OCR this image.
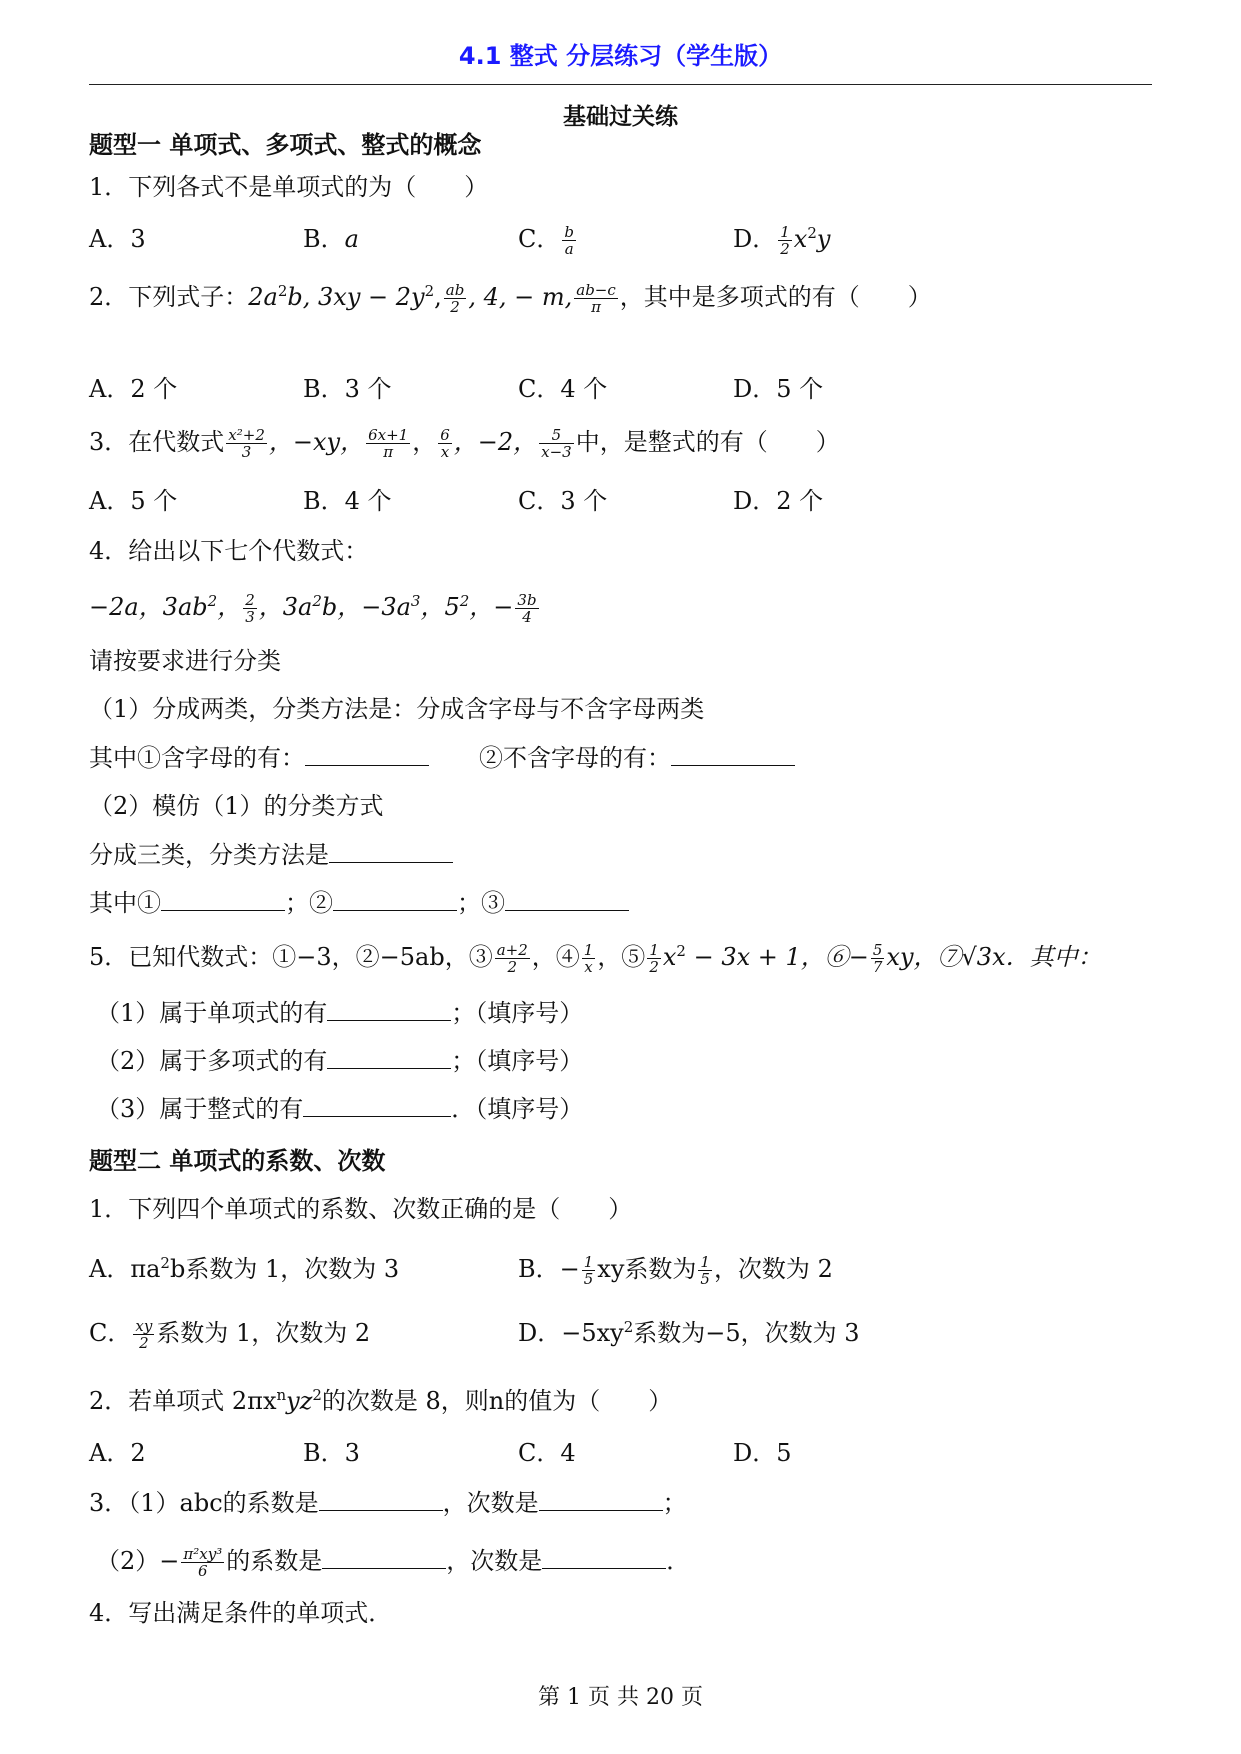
4.1 整式 分层练习（学生版）
基础过关练
题型一 单项式、多项式、整式的概念
1．下列各式不是单项式的为（　　）
A．3	B．a	C． $\frac{b}{a}$	D． $\frac{1}{2} x^2y$
2．下列式子：$2a^2b$, $3xy - 2y^2$, $\frac{ab}{2}$ , 4, − m, $\frac{ab-c}{\pi}$ ，其中是多项式的有（　　）
A．2 个	B．3 个	C．4 个	D．5 个
3．在代数式 $\frac{\text{x²+2}}{3}$ ，−xy， $\frac{6x+1}{\pi}$ ， $\frac{6}{x}$ ，−2， $\frac{5}{x-3}$ 中，是整式的有（　　）
A．5 个	B．4 个	C．3 个	D．2 个
4．给出以下七个代数式：
−2a，$3ab^2$， $\frac{2}{3}$ ，$3a^2b$，$-3a^3$，$5^2$，− $\frac{3b}{4}$
请按要求进行分类
（1）分成两类，分类方法是：分成含字母与不含字母两类
其中①含字母的有：	②不含字母的有：
（2）模仿（1）的分类方式
分成三类，分类方法是
其中①	；②	；③
5．已知代数式：①−3，②−5ab，③ $\frac{a+2}{2}$ ，④ $\frac{1}{x}$ ，⑤ $\frac{1}{2} x^2 - 3x + 1$，⑥− $\frac{5}{7}$ xy，⑦√3x．其中：
（1）属于单项式的有	；（填序号）
（2）属于多项式的有	；（填序号）
（3）属于整式的有	．（填序号）
题型二 单项式的系数、次数
1．下列四个单项式的系数、次数正确的是（　　）
A．$\pi a^2b$系数为 1，次数为 3	B．− $\frac{1}{5}$ xy系数为 $\frac{1}{5}$ ，次数为 2
C． $\frac{xy}{2}$ 系数为 1，次数为 2	D．$-5xy^2$系数为−5，次数为 3
2．若单项式 $2\pi x^nyz^2$的次数是 8，则n的值为（　　）
A．2	B．3	C．4	D．5
3．（1）abc的系数是	，次数是	；
$(2)- \frac{\text{π²xy³}}{6}$ 的系数是	，次数是	．
4．写出满足条件的单项式．
第 1 页 共 20 页
